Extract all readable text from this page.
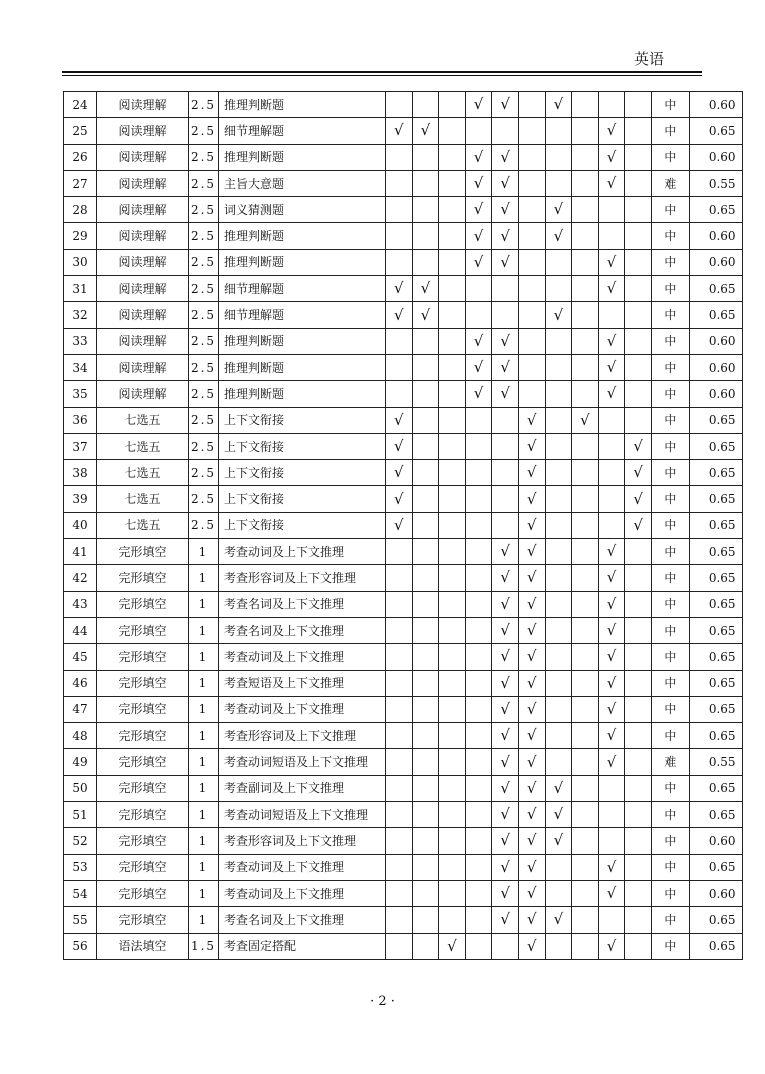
英语
24	阅读理解	2.5	推理判断题				√	√		√				中		0.60
25	阅读理解	2.5	细节理解题	√	√							√		中		0.65
26	阅读理解	2.5	推理判断题				√	√				√		中		0.60
27	阅读理解	2.5	主旨大意题				√	√				√		难		0.55
28	阅读理解	2.5	词义猜测题				√	√		√				中		0.65
29	阅读理解	2.5	推理判断题				√	√		√				中		0.60
30	阅读理解	2.5	推理判断题				√	√				√		中		0.60
31	阅读理解	2.5	细节理解题	√	√							√		中		0.65
32	阅读理解	2.5	细节理解题	√	√					√				中		0.65
33	阅读理解	2.5	推理判断题				√	√				√		中		0.60
34	阅读理解	2.5	推理判断题				√	√				√		中		0.60
35	阅读理解	2.5	推理判断题				√	√				√		中		0.60
36	七选五	2.5	上下文衔接	√					√		√			中		0.65
37	七选五	2.5	上下文衔接	√					√				√	中		0.65
38	七选五	2.5	上下文衔接	√					√				√	中		0.65
39	七选五	2.5	上下文衔接	√					√				√	中		0.65
40	七选五	2.5	上下文衔接	√					√				√	中		0.65
41	完形填空	1	考查动词及上下文推理					√	√			√		中		0.65
42	完形填空	1	考查形容词及上下文推理					√	√			√		中		0.65
43	完形填空	1	考查名词及上下文推理					√	√			√		中		0.65
44	完形填空	1	考查名词及上下文推理					√	√			√		中		0.65
45	完形填空	1	考查动词及上下文推理					√	√			√		中		0.65
46	完形填空	1	考查短语及上下文推理					√	√			√		中		0.65
47	完形填空	1	考查动词及上下文推理					√	√			√		中		0.65
48	完形填空	1	考查形容词及上下文推理					√	√			√		中		0.65
49	完形填空	1	考查动词短语及上下文推理					√	√			√		难		0.55
50	完形填空	1	考查副词及上下文推理					√	√	√				中		0.65
51	完形填空	1	考查动词短语及上下文推理					√	√	√				中		0.65
52	完形填空	1	考查形容词及上下文推理					√	√	√				中		0.60
53	完形填空	1	考查动词及上下文推理					√	√			√		中		0.65
54	完形填空	1	考查动词及上下文推理					√	√			√		中		0.60
55	完形填空	1	考查名词及上下文推理					√	√	√				中		0.65
56	语法填空	1.5	考查固定搭配			√			√			√		中		0.65
· 2 ·
